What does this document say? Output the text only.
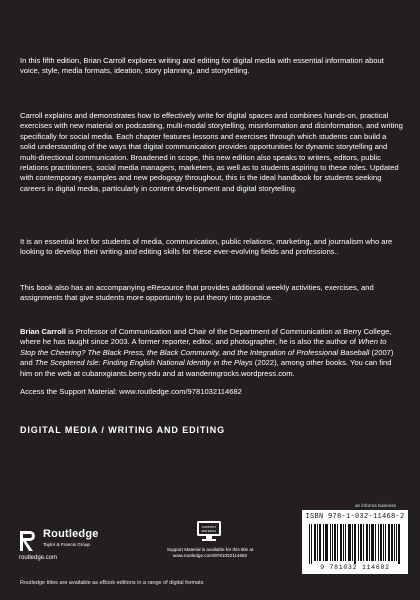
In this fifth edition, Brian Carroll explores writing and editing for digital media with essential information about voice, style, media formats, ideation, story planning, and storytelling.

Carroll explains and demonstrates how to effectively write for digital spaces and combines hands-on, practical exercises with new material on podcasting, multi-modal storytelling, misinformation and disinformation, and writing specifically for social media. Each chapter features lessons and exercises through which students can build a solid understanding of the ways that digital communication provides opportunities for dynamic storytelling and multi-directional communication. Broadened in scope, this new edition also speaks to writers, editors, public relations practitioners, social media managers, marketers, as well as to students aspiring to these roles. Updated with contemporary examples and new pedogogy throughout, this is the ideal handbook for students seeking careers in digital media, particularly in content development and digital storytelling.

It is an essential text for students of media, communication, public relations, marketing, and journalism who are looking to develop their writing and editing skills for these ever-evolving fields and professions..

This book also has an accompanying eResource that provides additional weekly activities, exercises, and assignments that give students more opportunity to put theory into practice.

Brian Carroll is Professor of Communication and Chair of the Department of Communication at Berry College, where he has taught since 2003. A former reporter, editor, and photographer, he is also the author of When to Stop the Cheering? The Black Press, the Black Community, and the Integration of Professional Baseball (2007) and The Sceptered Isle: Finding English National Identity in the Plays (2022), among other books. You can find him on the web at cubanxgiants.berry.edu and at wanderingrocks.wordpress.com.

Access the Support Material: www.routledge.com/9781032114682

DIGITAL MEDIA / WRITING AND EDITING
Routledge
Taylor & Francis Group
routledge.com
SUPPORT
MATERIAL
Support Material is available for this title at
www.routledge.com/9781032114682
an informa business
ISBN 978-1-032-11468-2
9 781032 114682
Routledge titles are available as eBook editions in a range of digital formats
